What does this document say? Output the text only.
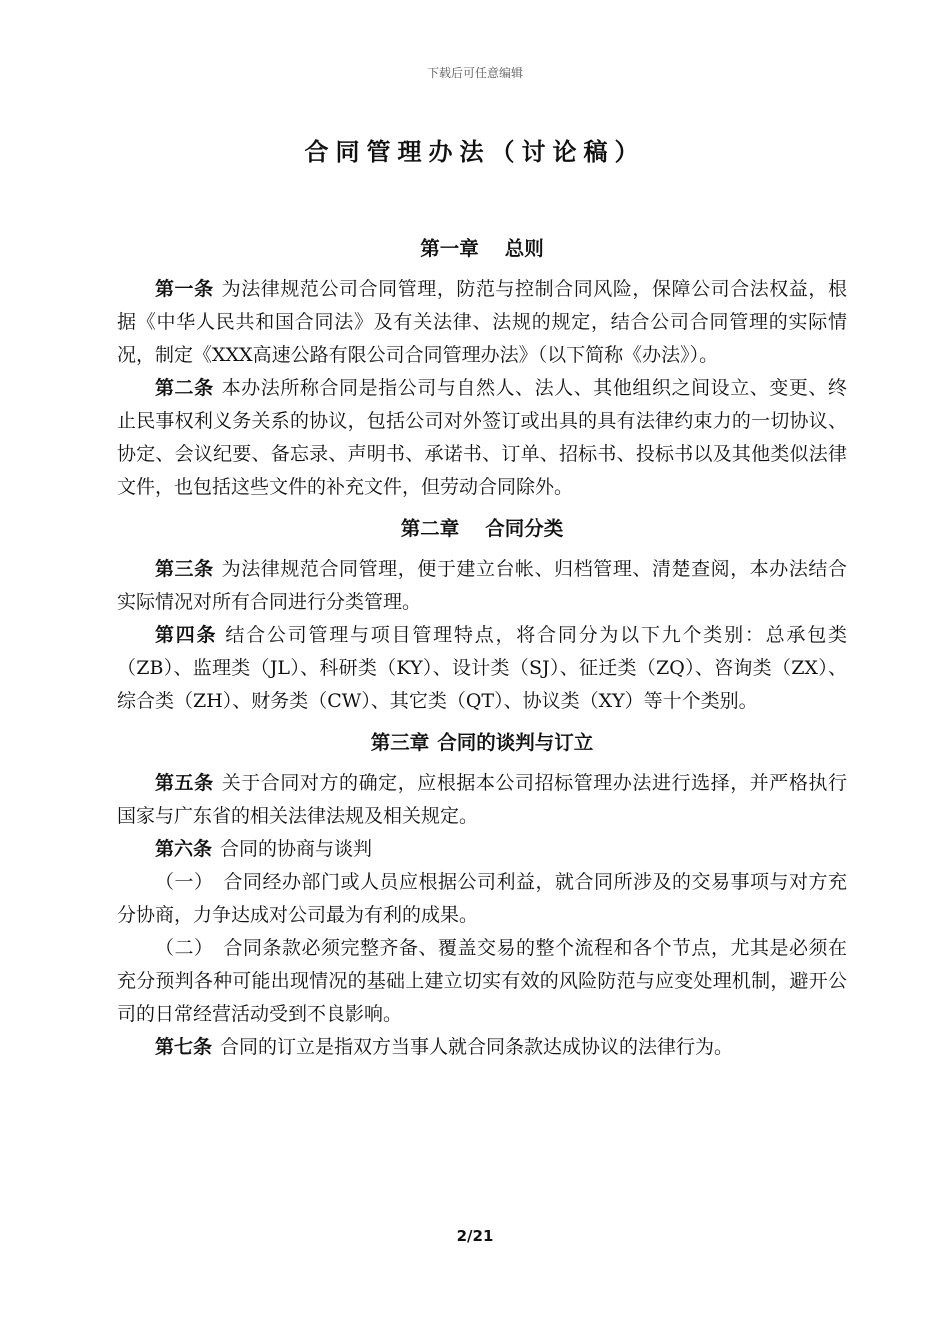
下载后可任意编辑
合同管理办法（讨论稿）
第一章 总则

第一条 为法律规范公司合同管理，防范与控制合同风险，保障公司合法权益，根据《中华人民共和国合同法》及有关法律、法规的规定，结合公司合同管理的实际情况，制定《XXX高速公路有限公司合同管理办法》（以下简称《办法》）。

第二条 本办法所称合同是指公司与自然人、法人、其他组织之间设立、变更、终止民事权利义务关系的协议，包括公司对外签订或出具的具有法律约束力的一切协议、协定、会议纪要、备忘录、声明书、承诺书、订单、招标书、投标书以及其他类似法律文件，也包括这些文件的补充文件，但劳动合同除外。

第二章 合同分类

第三条 为法律规范合同管理，便于建立台帐、归档管理、清楚查阅，本办法结合实际情况对所有合同进行分类管理。

第四条 结合公司管理与项目管理特点，将合同分为以下九个类别：总承包类（ZB）、监理类（JL）、科研类（KY）、设计类（SJ）、征迁类（ZQ）、咨询类（ZX）、综合类（ZH）、财务类（CW）、其它类（QT）、协议类（XY）等十个类别。

第三章 合同的谈判与订立

第五条 关于合同对方的确定，应根据本公司招标管理办法进行选择，并严格执行国家与广东省的相关法律法规及相关规定。

第六条 合同的协商与谈判

（一）　合同经办部门或人员应根据公司利益，就合同所涉及的交易事项与对方充分协商，力争达成对公司最为有利的成果。

（二）　合同条款必须完整齐备、覆盖交易的整个流程和各个节点，尤其是必须在充分预判各种可能出现情况的基础上建立切实有效的风险防范与应变处理机制，避开公司的日常经营活动受到不良影响。

第七条 合同的订立是指双方当事人就合同条款达成协议的法律行为。

2/21
